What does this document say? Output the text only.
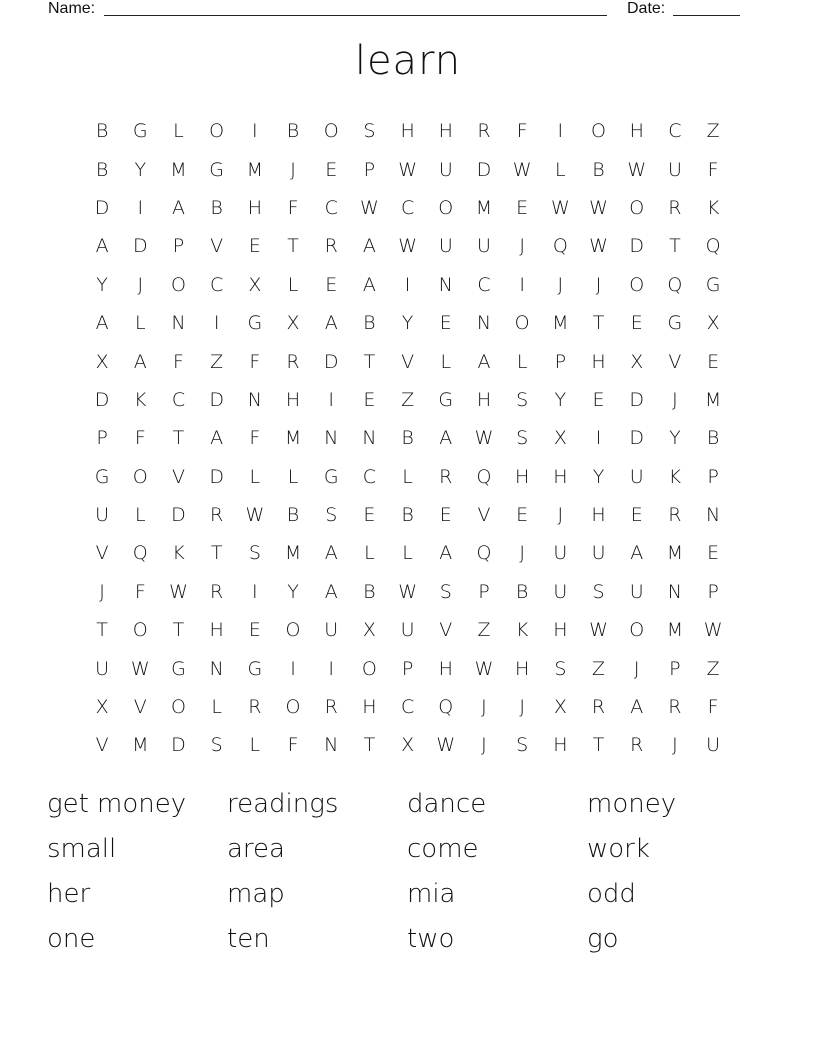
Name:	Date:
learn
B	G	L	O	I	B	O	S	H	H	R	F	I	O	H	C	Z
B	Y	M	G	M	J	E	P	W	U	D	W	L	B	W	U	F
D	I	A	B	H	F	C	W	C	O	M	E	W	W	O	R	K
A	D	P	V	E	T	R	A	W	U	U	J	Q	W	D	T	Q
Y	J	O	C	X	L	E	A	I	N	C	I	J	J	O	Q	G
A	L	N	I	G	X	A	B	Y	E	N	O	M	T	E	G	X
X	A	F	Z	F	R	D	T	V	L	A	L	P	H	X	V	E
D	K	C	D	N	H	I	E	Z	G	H	S	Y	E	D	J	M
P	F	T	A	F	M	N	N	B	A	W	S	X	I	D	Y	B
G	O	V	D	L	L	G	C	L	R	Q	H	H	Y	U	K	P
U	L	D	R	W	B	S	E	B	E	V	E	J	H	E	R	N
V	Q	K	T	S	M	A	L	L	A	Q	J	U	U	A	M	E
J	F	W	R	I	Y	A	B	W	S	P	B	U	S	U	N	P
T	O	T	H	E	O	U	X	U	V	Z	K	H	W	O	M	W
U	W	G	N	G	I	I	O	P	H	W	H	S	Z	J	P	Z
X	V	O	L	R	O	R	H	C	Q	J	J	X	R	A	R	F
V	M	D	S	L	F	N	T	X	W	J	S	H	T	R	J	U
get money	readings	dance	money
small	area	come	work
her	map	mia	odd
one	ten	two	go
